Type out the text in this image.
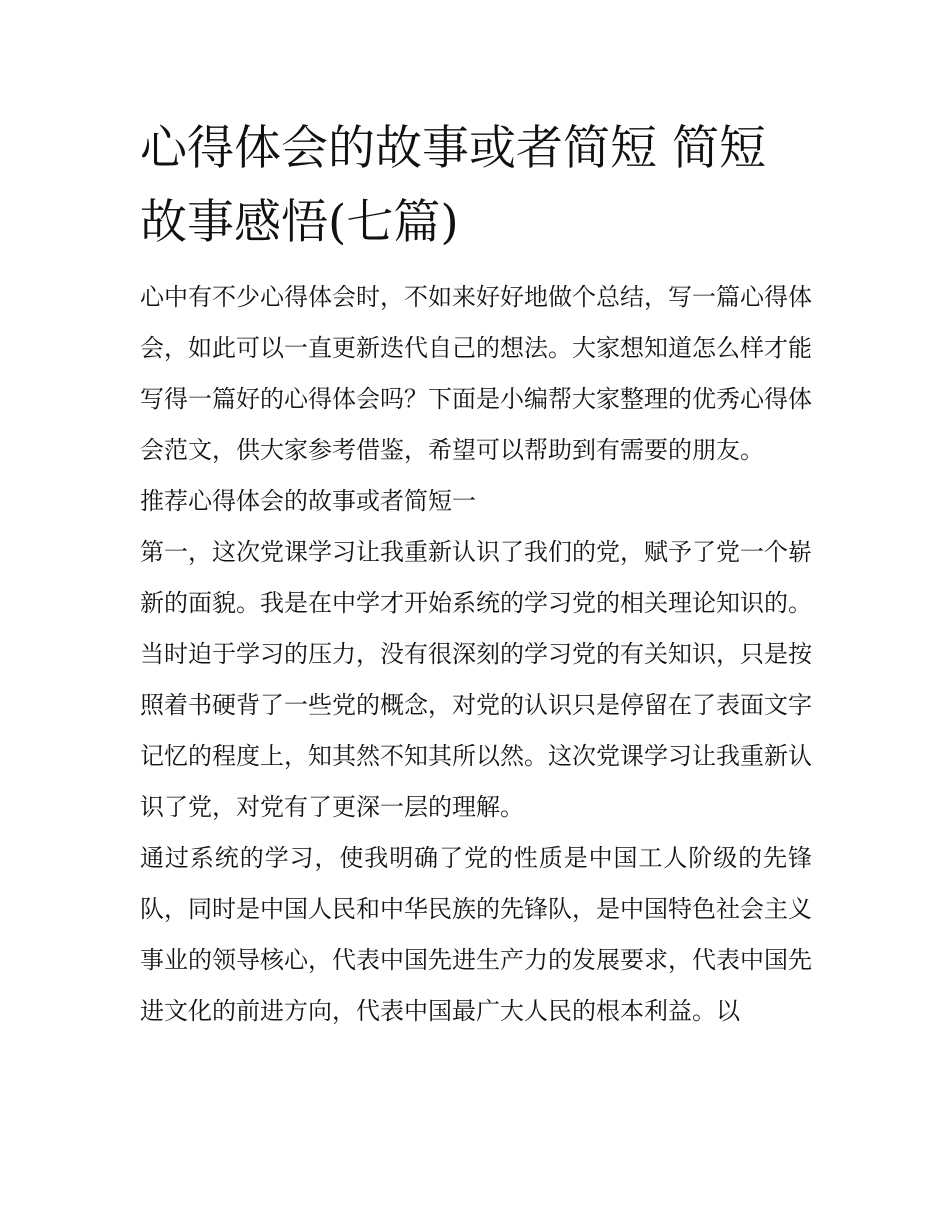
心得体会的故事或者简短 简短故事感悟(七篇)

心中有不少心得体会时，不如来好好地做个总结，写一篇心得体会，如此可以一直更新迭代自己的想法。大家想知道怎么样才能写得一篇好的心得体会吗？下面是小编帮大家整理的优秀心得体会范文，供大家参考借鉴，希望可以帮助到有需要的朋友。

推荐心得体会的故事或者简短一

第一，这次党课学习让我重新认识了我们的党，赋予了党一个崭新的面貌。我是在中学才开始系统的学习党的相关理论知识的。当时迫于学习的压力，没有很深刻的学习党的有关知识，只是按照着书硬背了一些党的概念，对党的认识只是停留在了表面文字记忆的程度上，知其然不知其所以然。这次党课学习让我重新认识了党，对党有了更深一层的理解。

通过系统的学习，使我明确了党的性质是中国工人阶级的先锋队，同时是中国人民和中华民族的先锋队，是中国特色社会主义事业的领导核心，代表中国先进生产力的发展要求，代表中国先进文化的前进方向，代表中国最广大人民的根本利益。以
